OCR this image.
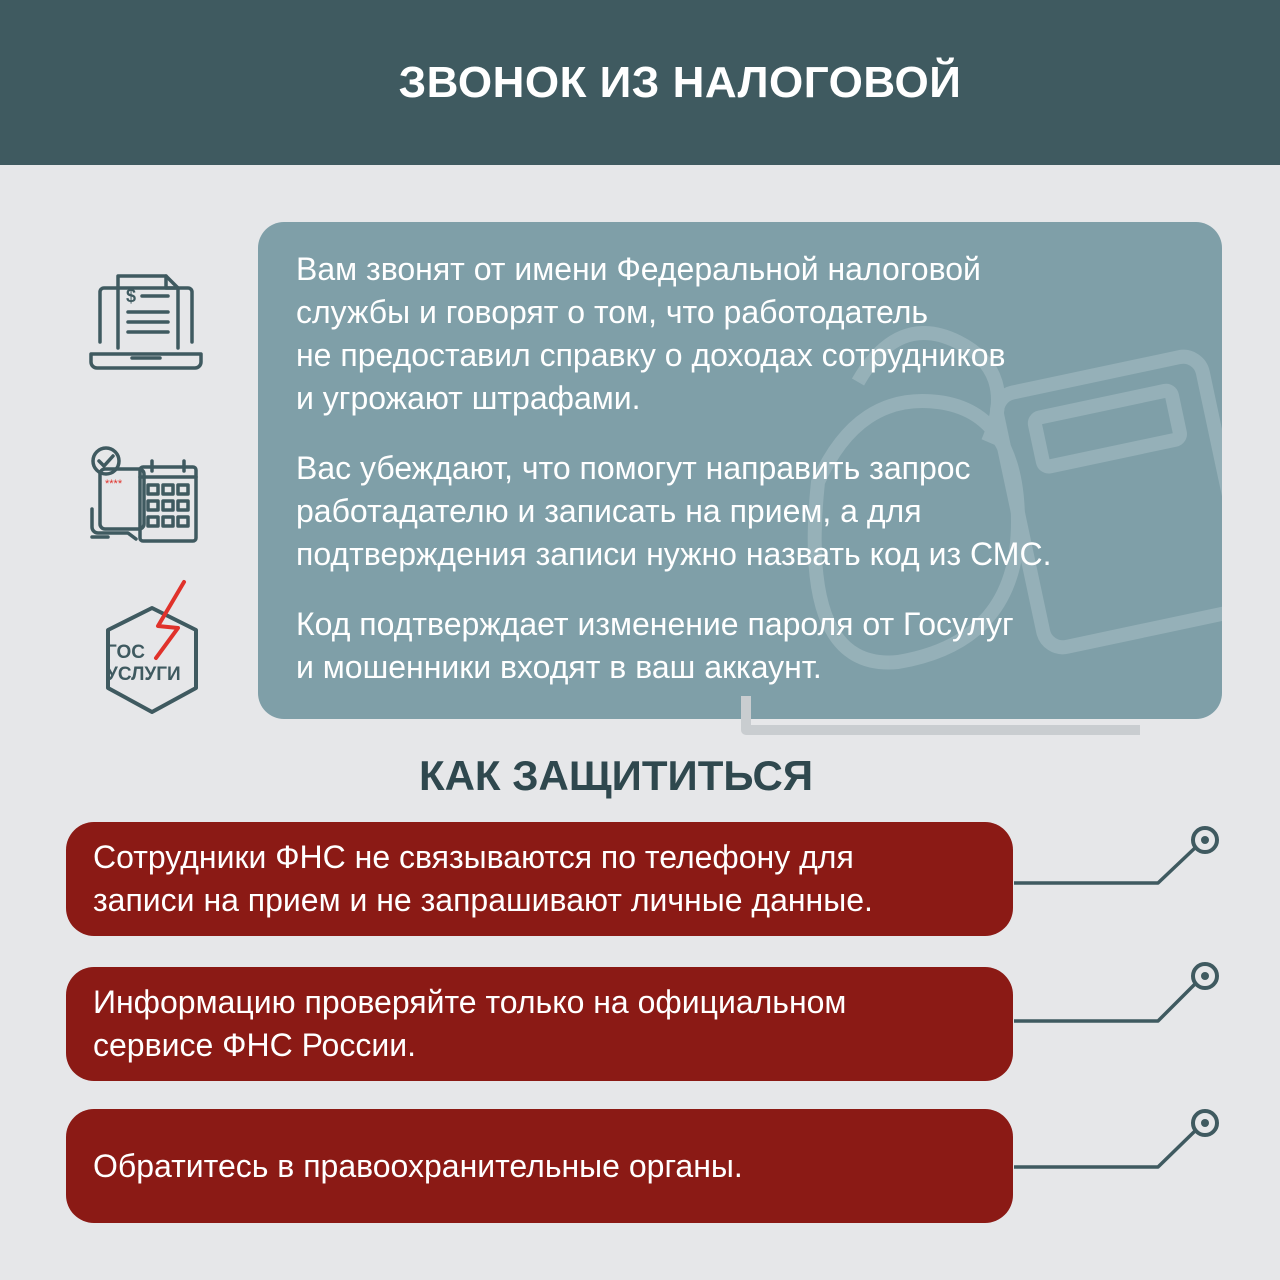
ЗВОНОК ИЗ НАЛОГОВОЙ
$
****
ГОС
УСЛУГИ

Вам звонят от имени Федеральной налоговой
службы и говорят о том, что работодатель
не предоставил справку о доходах сотрудников
и угрожают штрафами.

Вас убеждают, что помогут направить запрос
работадателю и записать на прием, а для
подтверждения записи нужно назвать код из СМС.

Код подтверждает изменение пароля от Госулуг
и мошенники входят в ваш аккаунт.

КАК ЗАЩИТИТЬСЯ
Сотрудники ФНС не связываются по телефону для
записи на прием и не запрашивают личные данные.
Информацию проверяйте только на официальном
сервисе ФНС России.
Обратитесь в правоохранительные органы.
